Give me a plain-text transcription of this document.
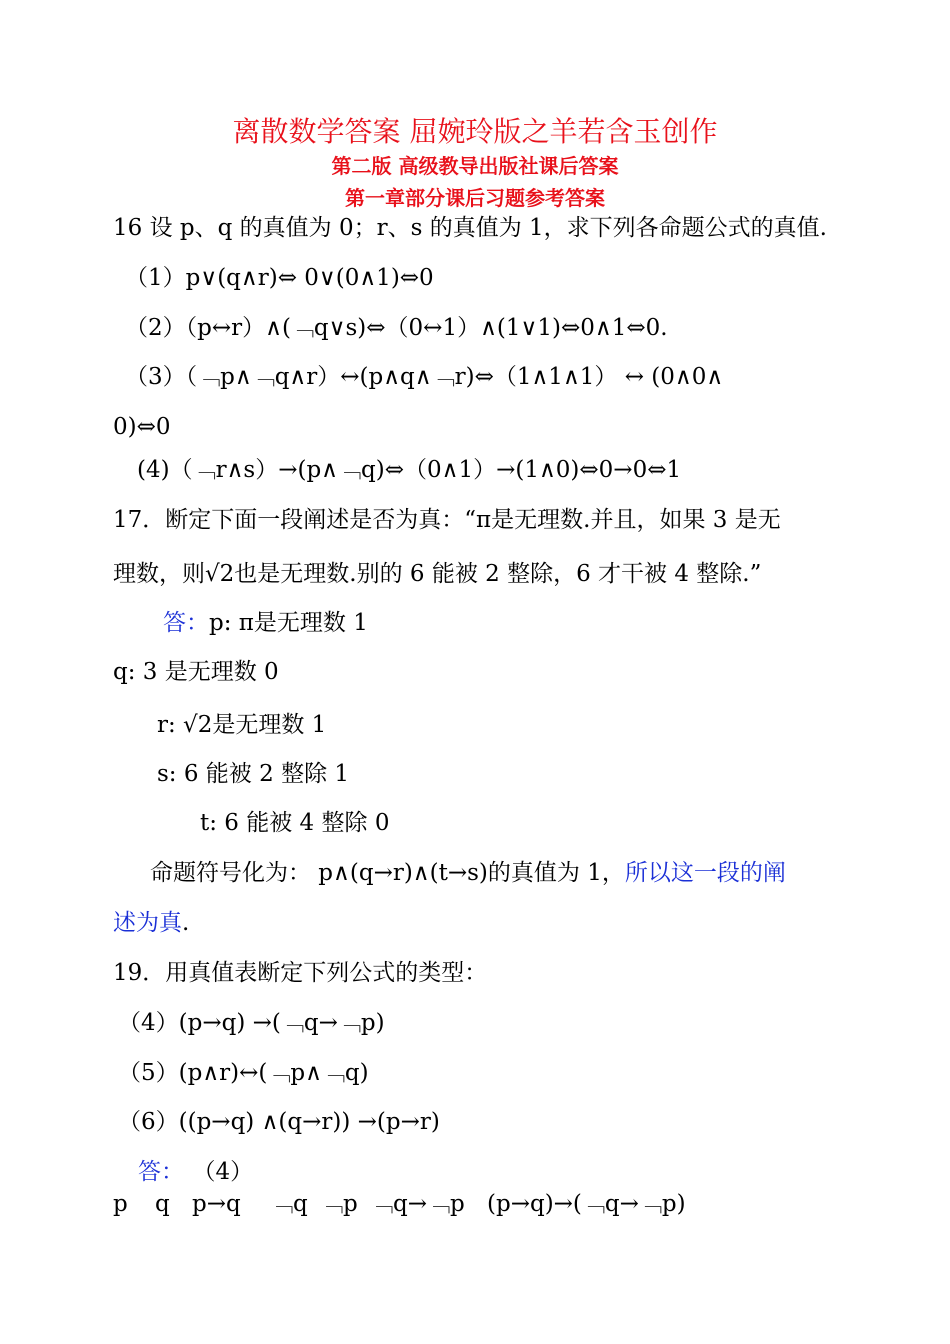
离散数学答案 屈婉玲版之羊若含玉创作
第二版 高级教导出版社课后答案
第一章部分课后习题参考答案
16 设 p、q 的真值为 0；r、s 的真值为 1，求下列各命题公式的真值.
（1）p∨(q∧r)⇔ 0∨(0∧1)⇔0
（2）（p↔r）∧(﹁q∨s)⇔（0↔1）∧(1∨1)⇔0∧1⇔0.
（3）（﹁p∧﹁q∧r）↔(p∧q∧﹁r)⇔（1∧1∧1） ↔ (0∧0∧
0)⇔0
(4)（﹁r∧s）→(p∧﹁q)⇔（0∧1）→(1∧0)⇔0→0⇔1
17．断定下面一段阐述是否为真：“π是无理数.并且，如果 3 是无
理数，则√2也是无理数.别的 6 能被 2 整除，6 才干被 4 整除.”
答：p: π是无理数 1
q: 3 是无理数 0
r: √2是无理数 1
s: 6 能被 2 整除 1
t: 6 能被 4 整除 0
命题符号化为： p∧(q→r)∧(t→s)的真值为 1，所以这一段的阐
述为真.
19．用真值表断定下列公式的类型：
（4）(p→q) →(﹁q→﹁p)
（5）(p∧r)↔(﹁p∧﹁q)
（6）((p→q) ∧(q→r)) →(p→r)
答： （4）
p q p→q ﹁q ﹁p ﹁q→﹁p (p→q)→(﹁q→﹁p)
